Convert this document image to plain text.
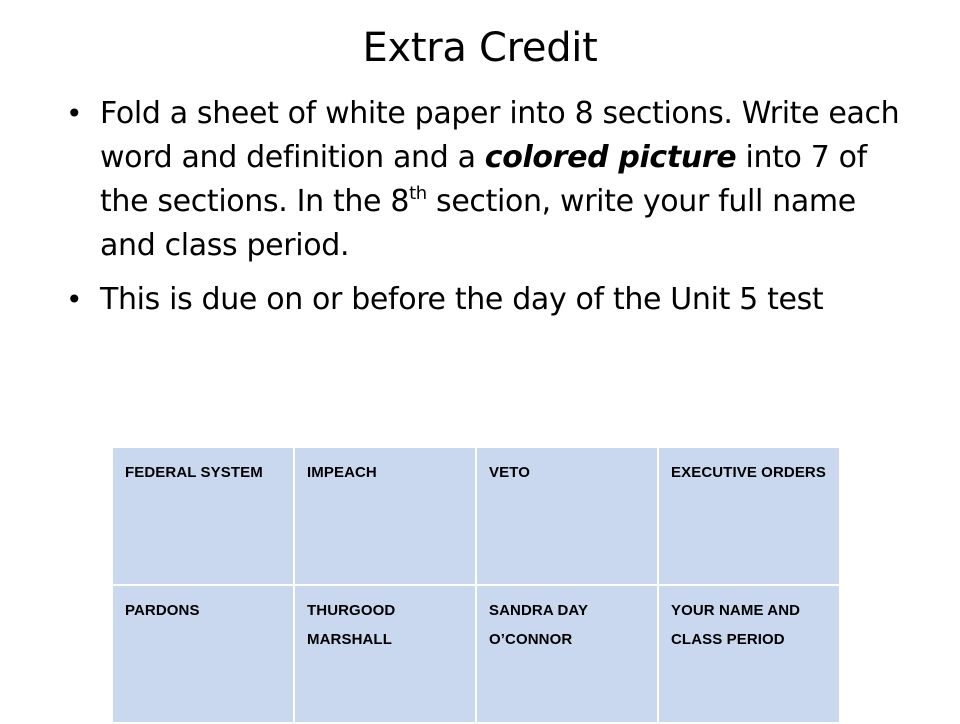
Extra Credit
• Fold a sheet of white paper into 8 sections. Write each word and definition and a colored picture into 7 of the sections. In the 8th section, write your full name and class period.
• This is due on or before the day of the Unit 5 test
FEDERAL SYSTEM	IMPEACH	VETO	EXECUTIVE ORDERS
PARDONS	THURGOOD MARSHALL	SANDRA DAY O’CONNOR	YOUR NAME AND CLASS PERIOD
